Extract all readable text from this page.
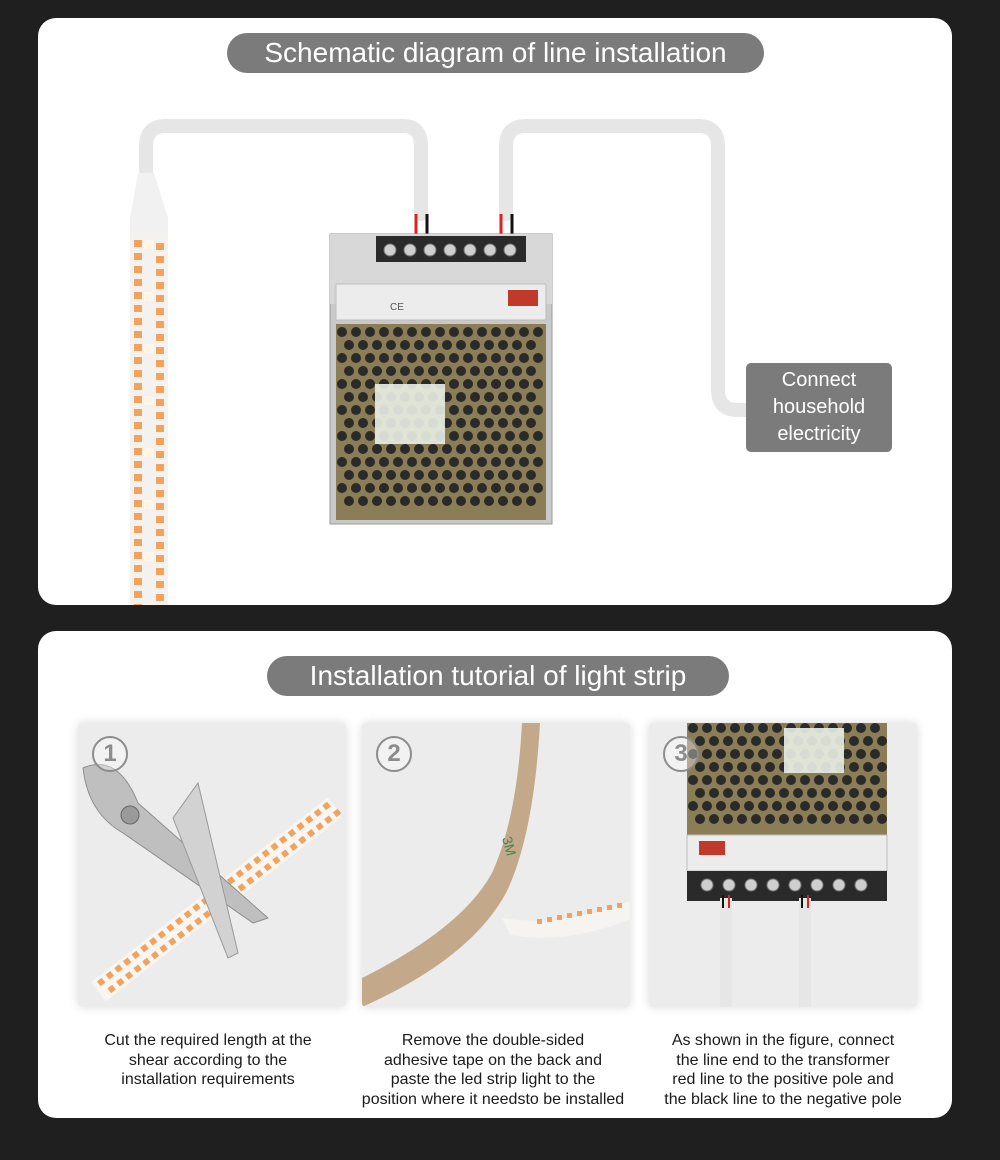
CE
Schematic diagram of line installation
Connect
household
electricity
Installation tutorial of light strip
1
3M
2	3
Cut the required length at the
shear according to the
installation requirements
Remove the double-sided
adhesive tape on the back and
paste the led strip light to the
position where it needsto be installed
As shown in the figure, connect
the line end to the transformer
red line to the positive pole and
the black line to the negative pole
